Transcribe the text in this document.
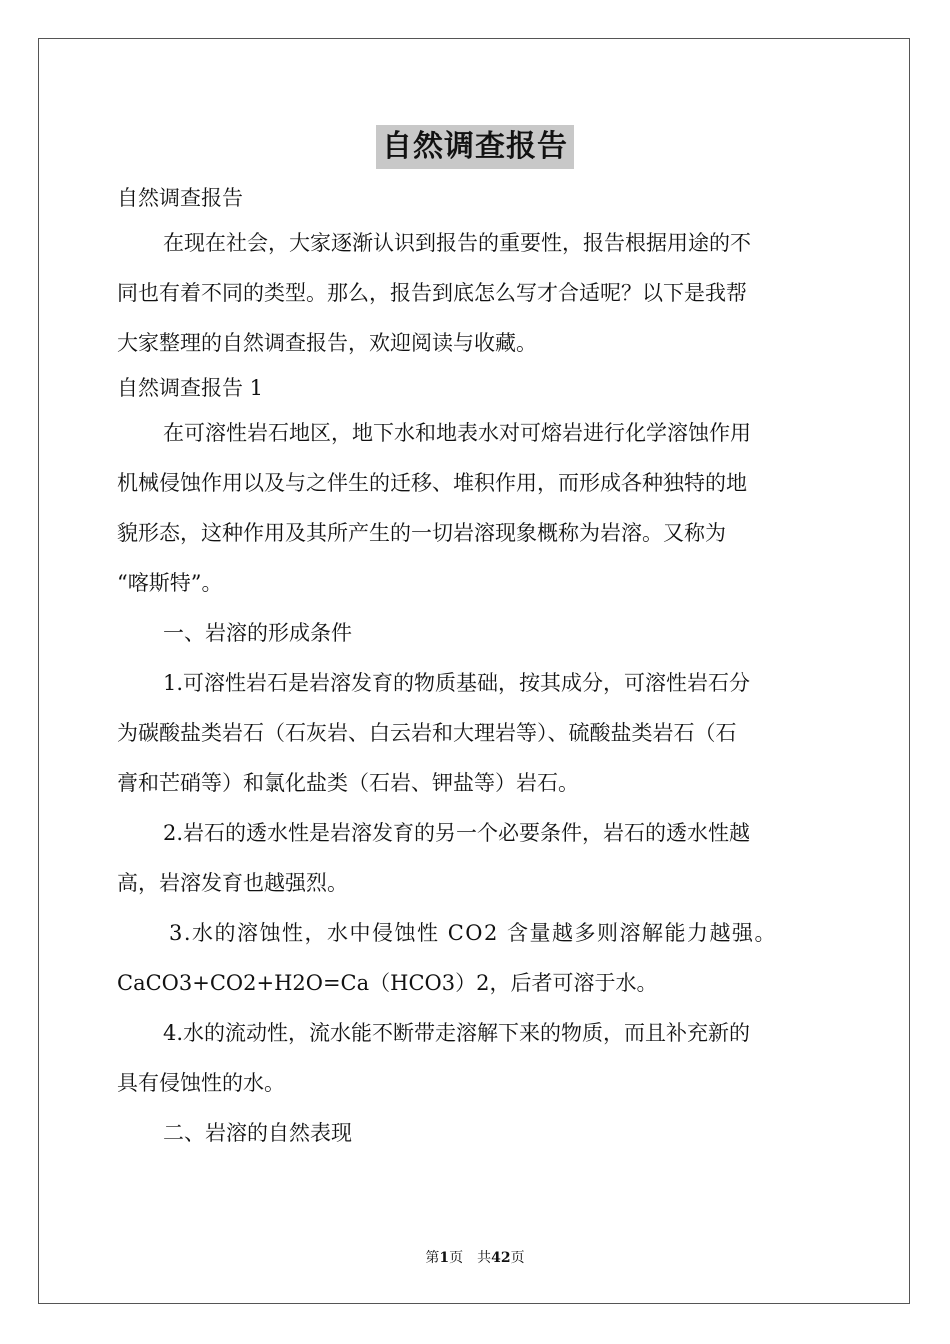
自然调查报告
自然调查报告
在现在社会，大家逐渐认识到报告的重要性，报告根据用途的不
同也有着不同的类型。那么，报告到底怎么写才合适呢？以下是我帮
大家整理的自然调查报告，欢迎阅读与收藏。
自然调查报告 1
在可溶性岩石地区，地下水和地表水对可熔岩进行化学溶蚀作用
机械侵蚀作用以及与之伴生的迁移、堆积作用，而形成各种独特的地
貌形态，这种作用及其所产生的一切岩溶现象概称为岩溶。又称为
“喀斯特”。
一、岩溶的形成条件
1.可溶性岩石是岩溶发育的物质基础，按其成分，可溶性岩石分
为碳酸盐类岩石（石灰岩、白云岩和大理岩等）、硫酸盐类岩石（石
膏和芒硝等）和氯化盐类（石岩、钾盐等）岩石。
2.岩石的透水性是岩溶发育的另一个必要条件，岩石的透水性越
高，岩溶发育也越强烈。
3.水的溶蚀性，水中侵蚀性 CO2 含量越多则溶解能力越强。
CaCO3+CO2+H2O=Ca（HCO3）2，后者可溶于水。
4.水的流动性，流水能不断带走溶解下来的物质，而且补充新的
具有侵蚀性的水。
二、岩溶的自然表现
第1页　共42页
